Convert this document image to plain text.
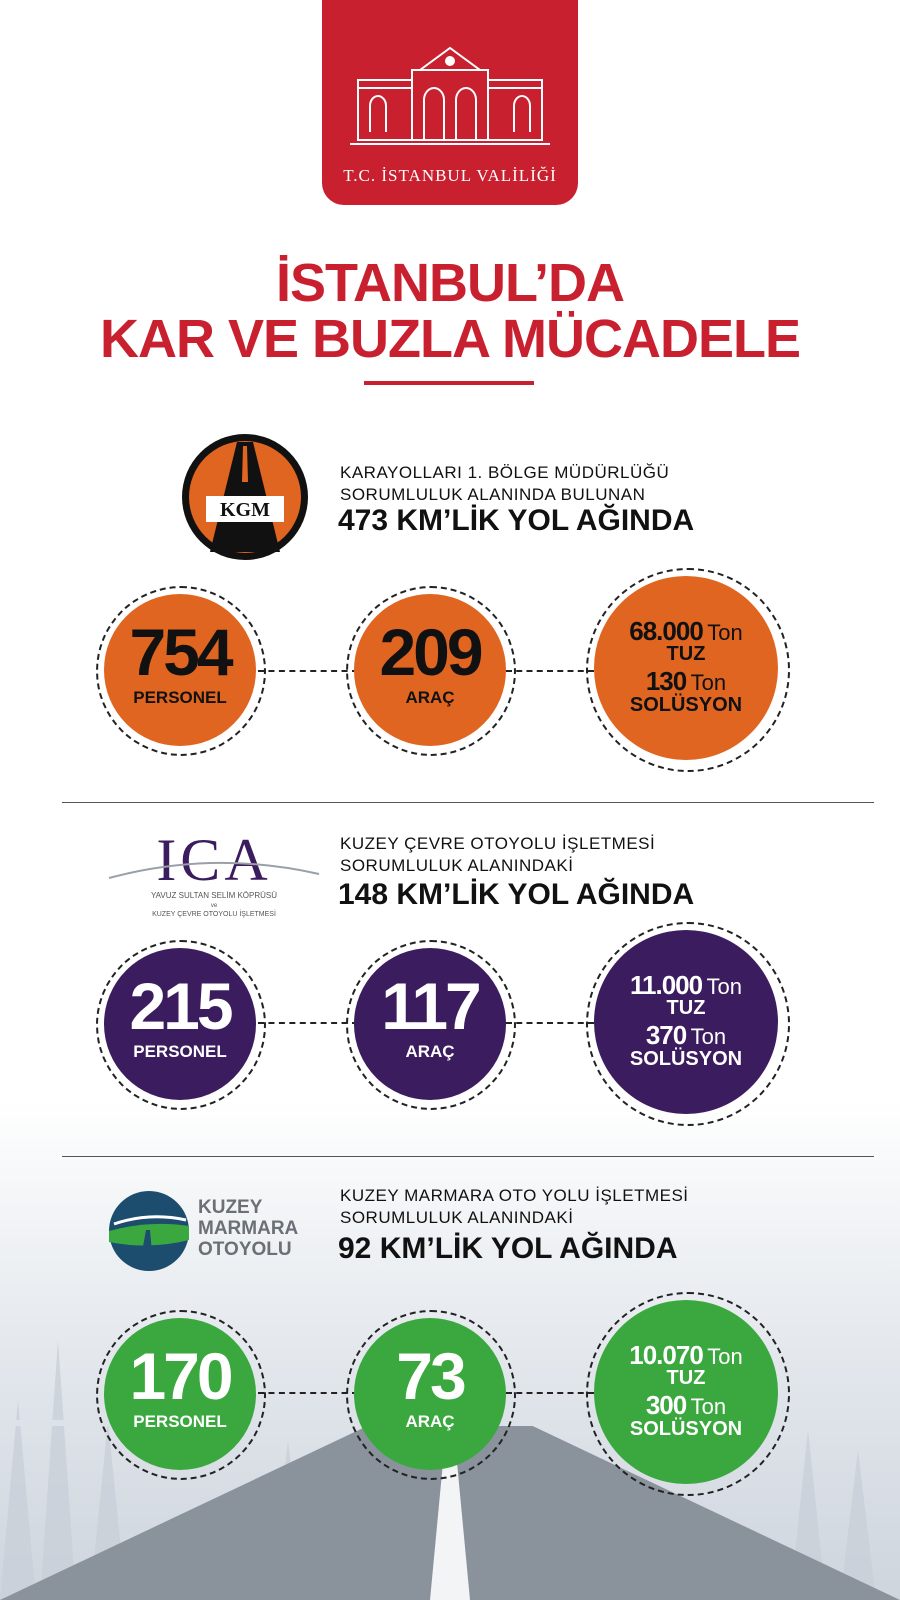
T.C. İSTANBUL VALİLİĞİ
İSTANBUL’DA
KAR VE BUZLA MÜCADELE
KGM
KARAYOLLARI 1. BÖLGE MÜDÜRLÜĞÜ
SORUMLULUK ALANINDA BULUNAN
473 KM’LİK YOL AĞINDA
754
PERSONEL
209
ARAÇ
68.000 Ton
TUZ
130 Ton
SOLÜSYON
ICA
YAVUZ SULTAN SELİM KÖPRÜSÜ
ve
KUZEY ÇEVRE OTOYOLU İŞLETMESİ
KUZEY ÇEVRE OTOYOLU İŞLETMESİ
SORUMLULUK ALANINDAKİ
148 KM’LİK YOL AĞINDA
215
PERSONEL
117
ARAÇ
11.000 Ton
TUZ
370 Ton
SOLÜSYON
KUZEY
MARMARA
OTOYOLU
KUZEY MARMARA OTO YOLU İŞLETMESİ
SORUMLULUK ALANINDAKİ
92 KM’LİK YOL AĞINDA
170
PERSONEL
73
ARAÇ
10.070 Ton
TUZ
300 Ton
SOLÜSYON
